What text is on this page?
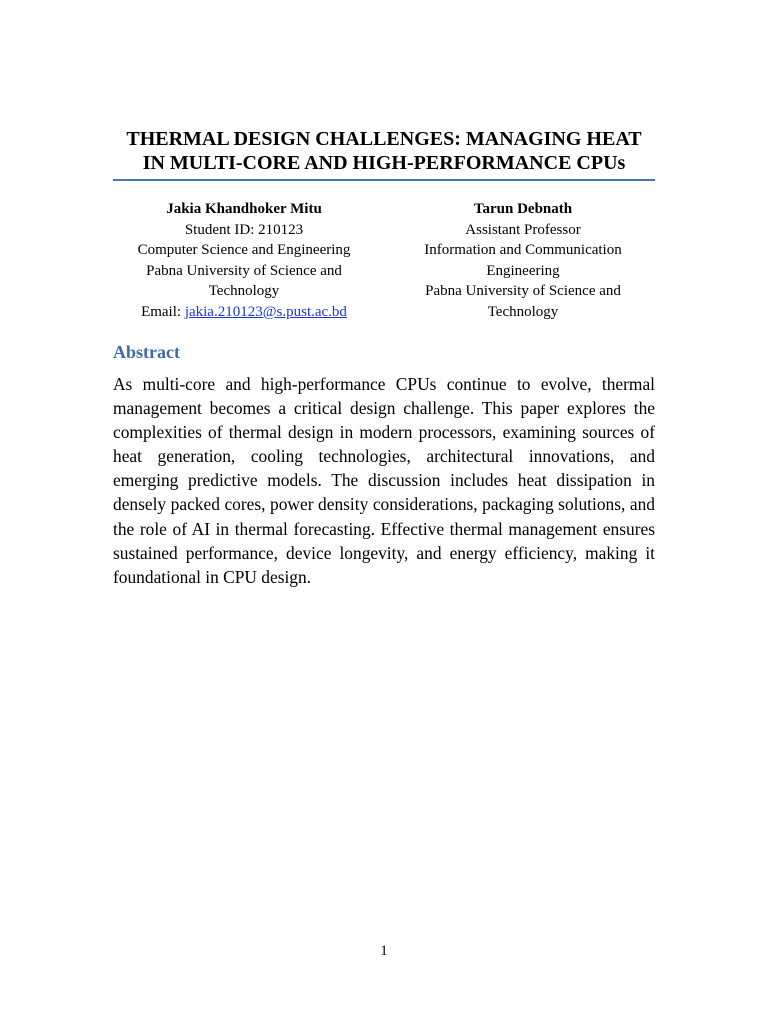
THERMAL DESIGN CHALLENGES: MANAGING HEAT
IN MULTI-CORE AND HIGH-PERFORMANCE CPUs
Jakia Khandhoker Mitu
Student ID: 210123
Computer Science and Engineering
Pabna University of Science and
Technology
Email: jakia.210123@s.pust.ac.bd
Tarun Debnath
Assistant Professor
Information and Communication
Engineering
Pabna University of Science and
Technology
Abstract

As multi-core and high-performance CPUs continue to evolve, thermal management becomes a critical design challenge. This paper explores the complexities of thermal design in modern processors, examining sources of heat generation, cooling technologies, architectural innovations, and emerging predictive models. The discussion includes heat dissipation in densely packed cores, power density considerations, packaging solutions, and the role of AI in thermal forecasting. Effective thermal management ensures sustained performance, device longevity, and energy efficiency, making it foundational in CPU design.

1
